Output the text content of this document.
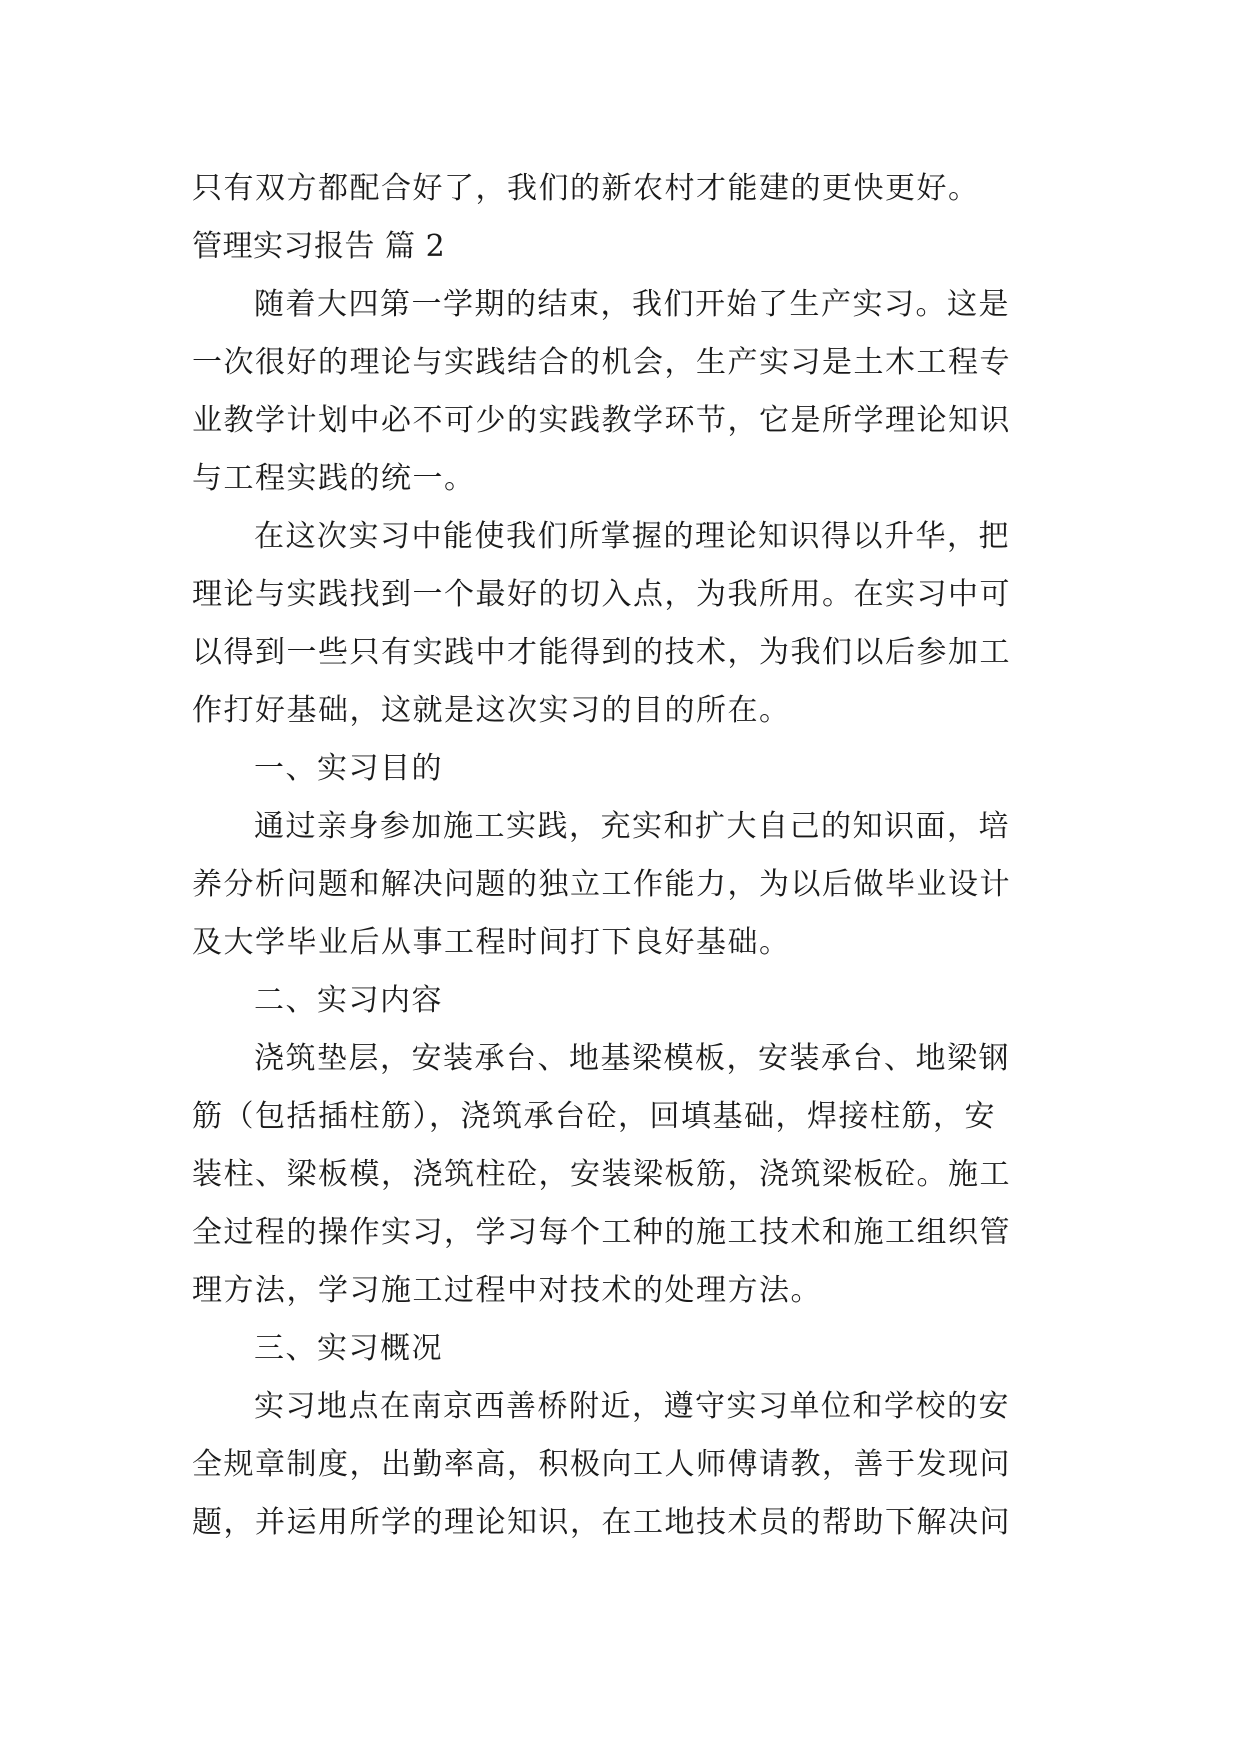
只有双方都配合好了，我们的新农村才能建的更快更好。

管理实习报告 篇 2

随着大四第一学期的结束，我们开始了生产实习。这是

一次很好的理论与实践结合的机会，生产实习是土木工程专

业教学计划中必不可少的实践教学环节，它是所学理论知识

与工程实践的统一。

在这次实习中能使我们所掌握的理论知识得以升华，把

理论与实践找到一个最好的切入点，为我所用。在实习中可

以得到一些只有实践中才能得到的技术，为我们以后参加工

作打好基础，这就是这次实习的目的所在。

一、实习目的

通过亲身参加施工实践，充实和扩大自己的知识面，培

养分析问题和解决问题的独立工作能力，为以后做毕业设计

及大学毕业后从事工程时间打下良好基础。

二、实习内容

浇筑垫层，安装承台、地基梁模板，安装承台、地梁钢

筋（包括插柱筋），浇筑承台砼，回填基础，焊接柱筋，安

装柱、梁板模，浇筑柱砼，安装梁板筋，浇筑梁板砼。施工

全过程的操作实习，学习每个工种的施工技术和施工组织管

理方法，学习施工过程中对技术的处理方法。

三、实习概况

实习地点在南京西善桥附近，遵守实习单位和学校的安

全规章制度，出勤率高，积极向工人师傅请教，善于发现问

题，并运用所学的理论知识，在工地技术员的帮助下解决问
